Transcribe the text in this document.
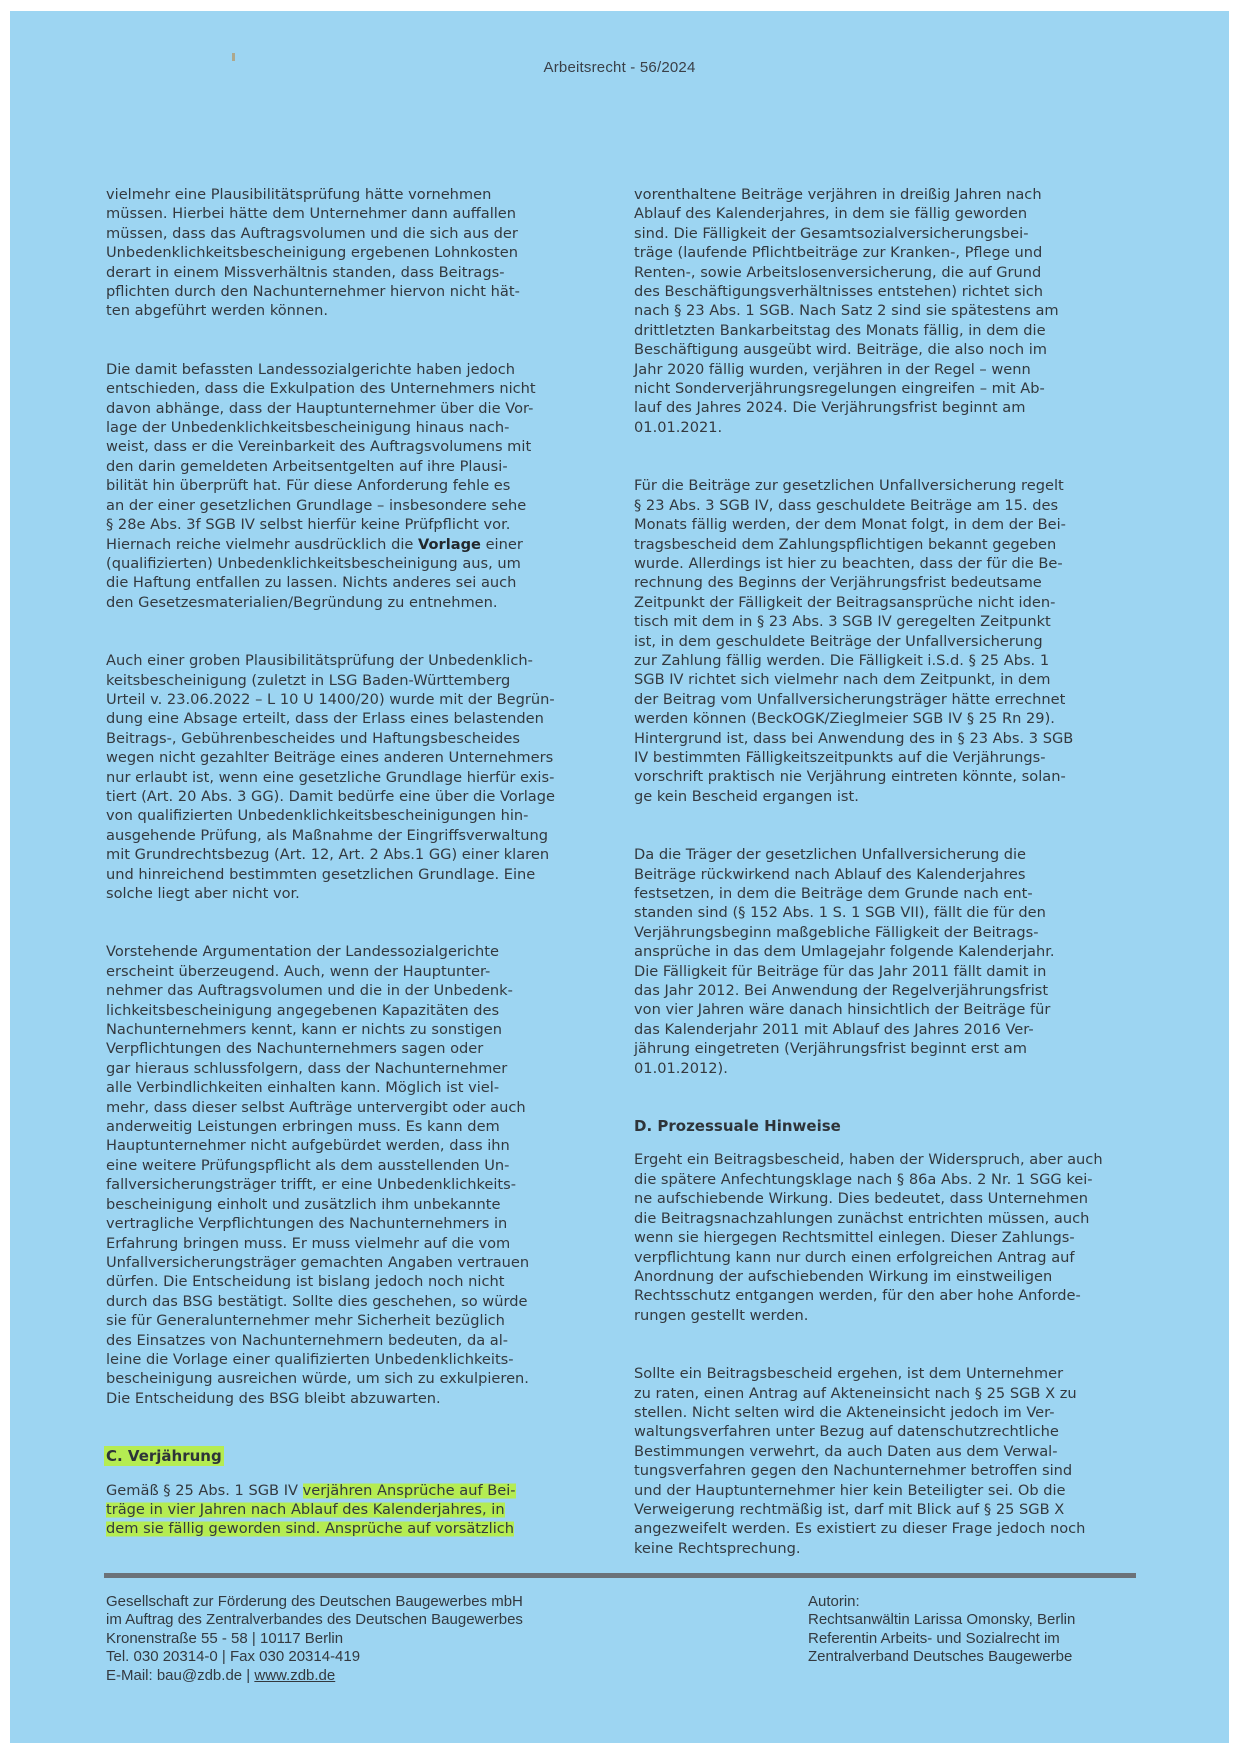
Arbeitsrecht - 56/2024

vielmehr eine Plausibilitätsprüfung hätte vornehmen
müssen. Hierbei hätte dem Unternehmer dann auffallen
müssen, dass das Auftragsvolumen und die sich aus der
Unbedenklichkeitsbescheinigung ergebenen Lohnkosten
derart in einem Missverhältnis standen, dass Beitrags-
pflichten durch den Nachunternehmer hiervon nicht hät-
ten abgeführt werden können.

Die damit befassten Landessozialgerichte haben jedoch
entschieden, dass die Exkulpation des Unternehmers nicht
davon abhänge, dass der Hauptunternehmer über die Vor-
lage der Unbedenklichkeitsbescheinigung hinaus nach-
weist, dass er die Vereinbarkeit des Auftragsvolumens mit
den darin gemeldeten Arbeitsentgelten auf ihre Plausi-
bilität hin überprüft hat. Für diese Anforderung fehle es
an der einer gesetzlichen Grundlage – insbesondere sehe
§ 28e Abs. 3f SGB IV selbst hierfür keine Prüfpflicht vor.
Hiernach reiche vielmehr ausdrücklich die Vorlage einer
(qualifizierten) Unbedenklichkeitsbescheinigung aus, um
die Haftung entfallen zu lassen. Nichts anderes sei auch
den Gesetzesmaterialien/Begründung zu entnehmen.

Auch einer groben Plausibilitätsprüfung der Unbedenklich-
keitsbescheinigung (zuletzt in LSG Baden-Württemberg
Urteil v. 23.06.2022 – L 10 U 1400/20) wurde mit der Begrün-
dung eine Absage erteilt, dass der Erlass eines belastenden
Beitrags-, Gebührenbescheides und Haftungsbescheides
wegen nicht gezahlter Beiträge eines anderen Unternehmers
nur erlaubt ist, wenn eine gesetzliche Grundlage hierfür exis-
tiert (Art. 20 Abs. 3 GG). Damit bedürfe eine über die Vorlage
von qualifizierten Unbedenklichkeitsbescheinigungen hin-
ausgehende Prüfung, als Maßnahme der Eingriffsverwaltung
mit Grundrechtsbezug (Art. 12, Art. 2 Abs.1 GG) einer klaren
und hinreichend bestimmten gesetzlichen Grundlage. Eine
solche liegt aber nicht vor.

Vorstehende Argumentation der Landessozialgerichte
erscheint überzeugend. Auch, wenn der Hauptunter-
nehmer das Auftragsvolumen und die in der Unbedenk-
lichkeitsbescheinigung angegebenen Kapazitäten des
Nachunternehmers kennt, kann er nichts zu sonstigen
Verpflichtungen des Nachunternehmers sagen oder
gar hieraus schlussfolgern, dass der Nachunternehmer
alle Verbindlichkeiten einhalten kann. Möglich ist viel-
mehr, dass dieser selbst Aufträge untervergibt oder auch
anderweitig Leistungen erbringen muss. Es kann dem
Hauptunternehmer nicht aufgebürdet werden, dass ihn
eine weitere Prüfungspflicht als dem ausstellenden Un-
fallversicherungsträger trifft, er eine Unbedenklichkeits-
bescheinigung einholt und zusätzlich ihm unbekannte
vertragliche Verpflichtungen des Nachunternehmers in
Erfahrung bringen muss. Er muss vielmehr auf die vom
Unfallversicherungsträger gemachten Angaben vertrauen
dürfen. Die Entscheidung ist bislang jedoch noch nicht
durch das BSG bestätigt. Sollte dies geschehen, so würde
sie für Generalunternehmer mehr Sicherheit bezüglich
des Einsatzes von Nachunternehmern bedeuten, da al-
leine die Vorlage einer qualifizierten Unbedenklichkeits-
bescheinigung ausreichen würde, um sich zu exkulpieren.
Die Entscheidung des BSG bleibt abzuwarten.

C. Verjährung

Gemäß § 25 Abs. 1 SGB IV verjähren Ansprüche auf Bei-
träge in vier Jahren nach Ablauf des Kalenderjahres, in
dem sie fällig geworden sind. Ansprüche auf vorsätzlich

vorenthaltene Beiträge verjähren in dreißig Jahren nach
Ablauf des Kalenderjahres, in dem sie fällig geworden
sind. Die Fälligkeit der Gesamtsozialversicherungsbei-
träge (laufende Pflichtbeiträge zur Kranken-, Pflege und
Renten-, sowie Arbeitslosenversicherung, die auf Grund
des Beschäftigungsverhältnisses entstehen) richtet sich
nach § 23 Abs. 1 SGB. Nach Satz 2 sind sie spätestens am
drittletzten Bankarbeitstag des Monats fällig, in dem die
Beschäftigung ausgeübt wird. Beiträge, die also noch im
Jahr 2020 fällig wurden, verjähren in der Regel – wenn
nicht Sonderverjährungsregelungen eingreifen – mit Ab-
lauf des Jahres 2024. Die Verjährungsfrist beginnt am
01.01.2021.

Für die Beiträge zur gesetzlichen Unfallversicherung regelt
§ 23 Abs. 3 SGB IV, dass geschuldete Beiträge am 15. des
Monats fällig werden, der dem Monat folgt, in dem der Bei-
tragsbescheid dem Zahlungspflichtigen bekannt gegeben
wurde. Allerdings ist hier zu beachten, dass der für die Be-
rechnung des Beginns der Verjährungsfrist bedeutsame
Zeitpunkt der Fälligkeit der Beitragsansprüche nicht iden-
tisch mit dem in § 23 Abs. 3 SGB IV geregelten Zeitpunkt
ist, in dem geschuldete Beiträge der Unfallversicherung
zur Zahlung fällig werden. Die Fälligkeit i.S.d. § 25 Abs. 1
SGB IV richtet sich vielmehr nach dem Zeitpunkt, in dem
der Beitrag vom Unfallversicherungsträger hätte errechnet
werden können (BeckOGK/Zieglmeier SGB IV § 25 Rn 29).
Hintergrund ist, dass bei Anwendung des in § 23 Abs. 3 SGB
IV bestimmten Fälligkeitszeitpunkts auf die Verjährungs-
vorschrift praktisch nie Verjährung eintreten könnte, solan-
ge kein Bescheid ergangen ist.

Da die Träger der gesetzlichen Unfallversicherung die
Beiträge rückwirkend nach Ablauf des Kalenderjahres
festsetzen, in dem die Beiträge dem Grunde nach ent-
standen sind (§ 152 Abs. 1 S. 1 SGB VII), fällt die für den
Verjährungsbeginn maßgebliche Fälligkeit der Beitrags-
ansprüche in das dem Umlagejahr folgende Kalenderjahr.
Die Fälligkeit für Beiträge für das Jahr 2011 fällt damit in
das Jahr 2012. Bei Anwendung der Regelverjährungsfrist
von vier Jahren wäre danach hinsichtlich der Beiträge für
das Kalenderjahr 2011 mit Ablauf des Jahres 2016 Ver-
jährung eingetreten (Verjährungsfrist beginnt erst am
01.01.2012).

D. Prozessuale Hinweise

Ergeht ein Beitragsbescheid, haben der Widerspruch, aber auch
die spätere Anfechtungsklage nach § 86a Abs. 2 Nr. 1 SGG kei-
ne aufschiebende Wirkung. Dies bedeutet, dass Unternehmen
die Beitragsnachzahlungen zunächst entrichten müssen, auch
wenn sie hiergegen Rechtsmittel einlegen. Dieser Zahlungs-
verpflichtung kann nur durch einen erfolgreichen Antrag auf
Anordnung der aufschiebenden Wirkung im einstweiligen
Rechtsschutz entgangen werden, für den aber hohe Anforde-
rungen gestellt werden.

Sollte ein Beitragsbescheid ergehen, ist dem Unternehmer
zu raten, einen Antrag auf Akteneinsicht nach § 25 SGB X zu
stellen. Nicht selten wird die Akteneinsicht jedoch im Ver-
waltungsverfahren unter Bezug auf datenschutzrechtliche
Bestimmungen verwehrt, da auch Daten aus dem Verwal-
tungsverfahren gegen den Nachunternehmer betroffen sind
und der Hauptunternehmer hier kein Beteiligter sei. Ob die
Verweigerung rechtmäßig ist, darf mit Blick auf § 25 SGB X
angezweifelt werden. Es existiert zu dieser Frage jedoch noch
keine Rechtsprechung.

Gesellschaft zur Förderung des Deutschen Baugewerbes mbH
im Auftrag des Zentralverbandes des Deutschen Baugewerbes
Kronenstraße 55 - 58 | 10117 Berlin
Tel. 030 20314-0 | Fax 030 20314-419
E-Mail: bau@zdb.de | www.zdb.de
Autorin:
Rechtsanwältin Larissa Omonsky, Berlin
Referentin Arbeits- und Sozialrecht im
Zentralverband Deutsches Baugewerbe
